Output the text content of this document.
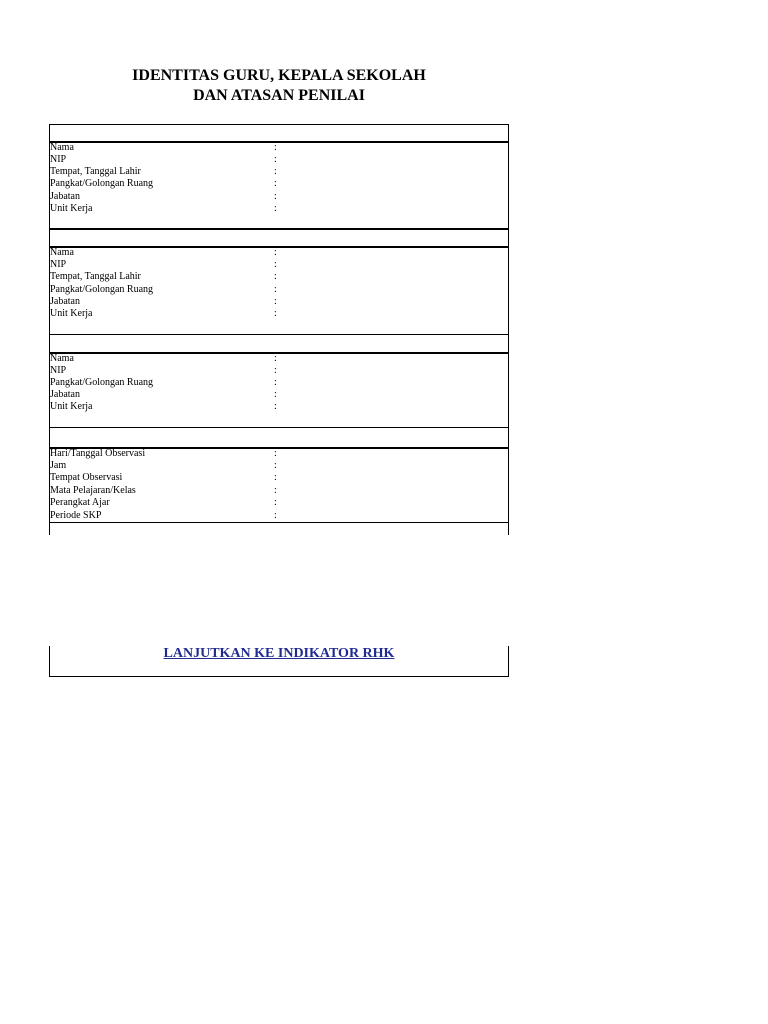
IDENTITAS GURU, KEPALA SEKOLAH
DAN ATASAN PENILAI
Nama	:
NIP	:
Tempat, Tanggal Lahir	:
Pangkat/Golongan Ruang	:
Jabatan	:
Unit Kerja	:
Nama	:
NIP	:
Tempat, Tanggal Lahir	:
Pangkat/Golongan Ruang	:
Jabatan	:
Unit Kerja	:
Nama	:
NIP	:
Pangkat/Golongan Ruang	:
Jabatan	:
Unit Kerja	:
Hari/Tanggal Observasi	:
Jam	:
Tempat Observasi	:
Mata Pelajaran/Kelas	:
Perangkat Ajar	:
Periode SKP	:
LANJUTKAN KE INDIKATOR RHK
